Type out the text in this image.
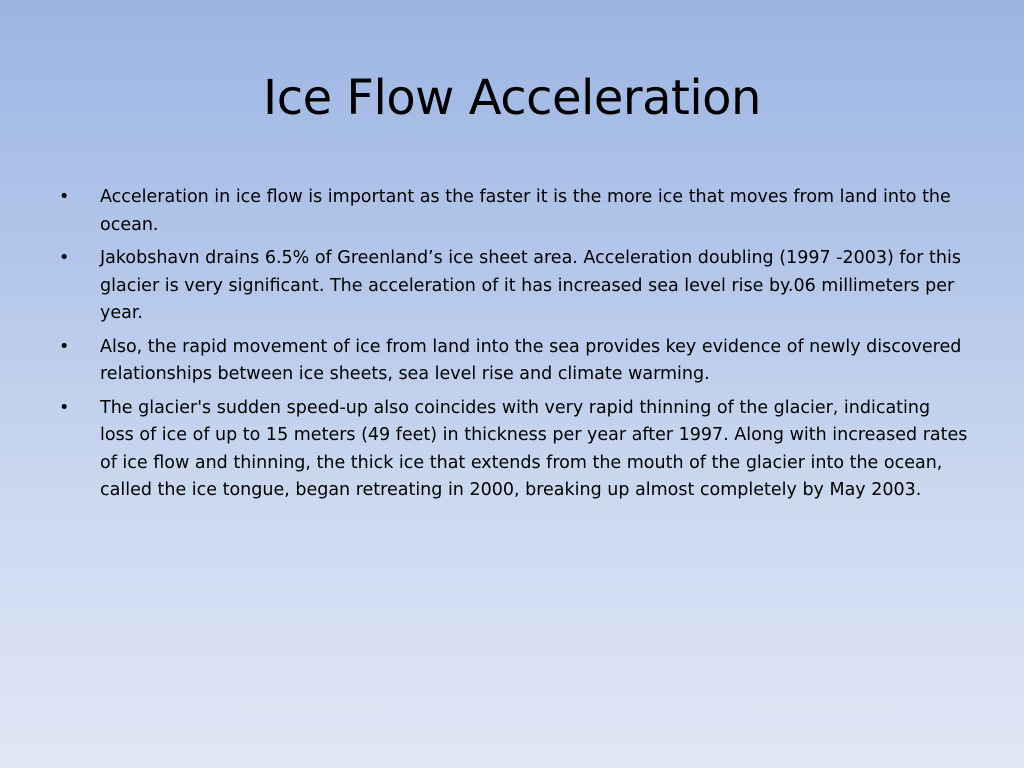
Ice Flow Acceleration
•	Acceleration in ice flow is important as the faster it is the more ice that moves from land into the ocean.
•	Jakobshavn drains 6.5% of Greenland’s ice sheet area. Acceleration doubling (1997 -2003) for this glacier is very significant. The acceleration of it has increased sea level rise by.06 millimeters per year.
•	Also, the rapid movement of ice from land into the sea provides key evidence of newly discovered relationships between ice sheets, sea level rise and climate warming.
•	The glacier's sudden speed-up also coincides with very rapid thinning of the glacier, indicating loss of ice of up to 15 meters (49 feet) in thickness per year after 1997. Along with increased rates of ice flow and thinning, the thick ice that extends from the mouth of the glacier into the ocean, called the ice tongue, began retreating in 2000, breaking up almost completely by May 2003.
